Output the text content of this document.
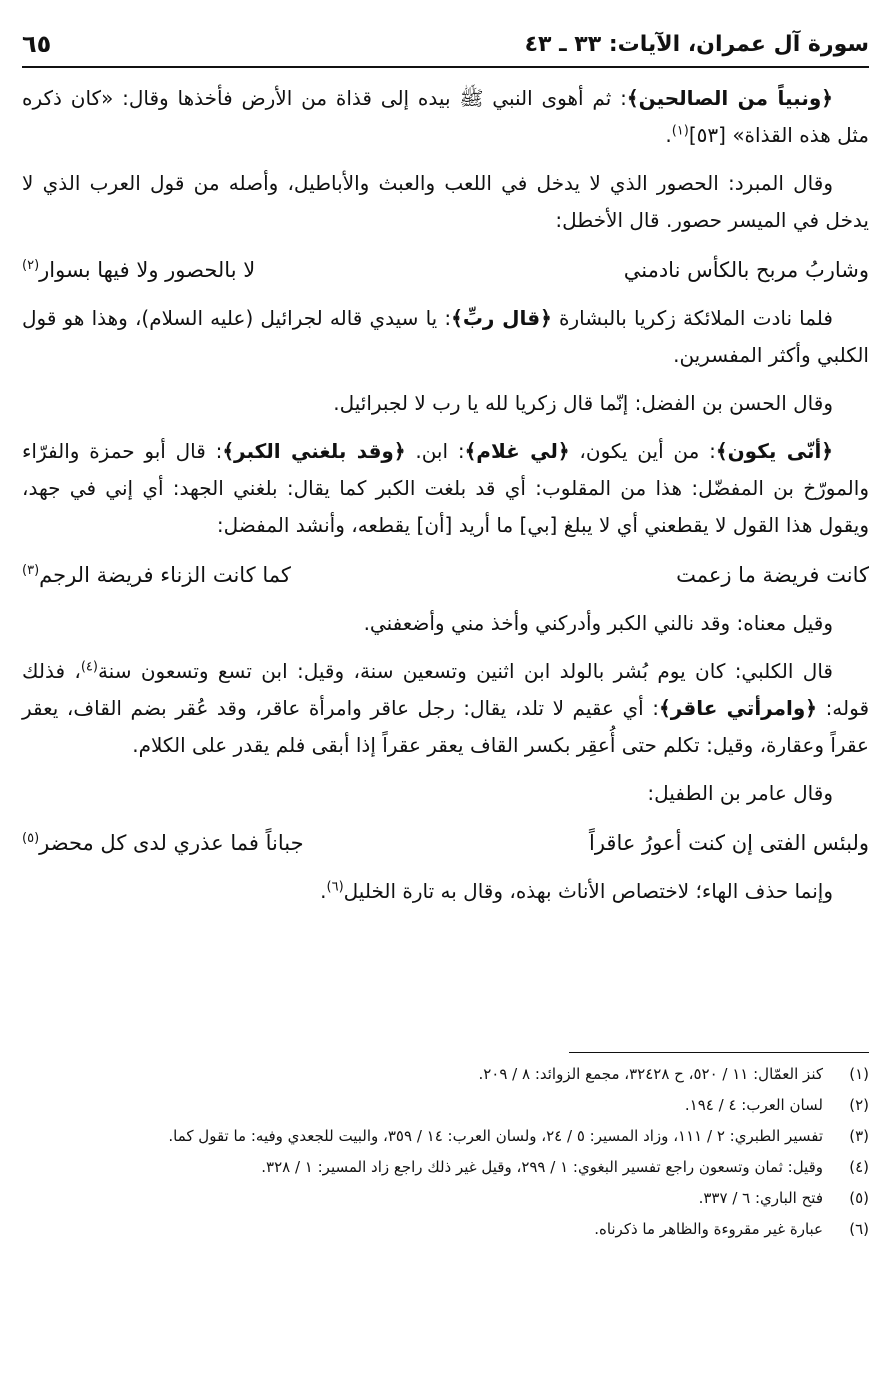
سورة آل عمران، الآيات: ٣٣ ـ ٤٣
٦٥

﴿ونبياً من الصالحين﴾: ثم أهوى النبي ﷺ بيده إلى قذاة من الأرض فأخذها وقال: «كان ذكره مثل هذه القذاة» [٥٣]$^{(١)}$.

وقال المبرد: الحصور الذي لا يدخل في اللعب والعبث والأباطيل، وأصله من قول العرب الذي لا يدخل في الميسر حصور. قال الأخطل:

وشاربُ مربح بالكأس نادمني
لا بالحصور ولا فيها بسوار$^{(٢)}$

فلما نادت الملائكة زكريا بالبشارة ﴿قال ربِّ﴾: يا سيدي قاله لجرائيل (عليه السلام)، وهذا هو قول الكلبي وأكثر المفسرين.

وقال الحسن بن الفضل: إنّما قال زكريا لله يا رب لا لجبرائيل.

﴿أنّى يكون﴾: من أين يكون، ﴿لي غلام﴾: ابن. ﴿وقد بلغني الكبر﴾: قال أبو حمزة والفرّاء والمورّخ بن المفضّل: هذا من المقلوب: أي قد بلغت الكبر كما يقال: بلغني الجهد: أي إني في جهد، ويقول هذا القول لا يقطعني أي لا يبلغ [بي] ما أريد [أن] يقطعه، وأنشد المفضل:

كانت فريضة ما زعمت
كما كانت الزناء فريضة الرجم$^{(٣)}$

وقيل معناه: وقد نالني الكبر وأدركني وأخذ مني وأضعفني.

قال الكلبي: كان يوم بُشر بالولد ابن اثنين وتسعين سنة، وقيل: ابن تسع وتسعون سنة$^{(٤)}$، فذلك قوله: ﴿وامرأتي عاقر﴾: أي عقيم لا تلد، يقال: رجل عاقر وامرأة عاقر، وقد عُقر بضم القاف، يعقر عقراً وعقارة، وقيل: تكلم حتى أُعقِر بكسر القاف يعقر عقراً إذا أبقى فلم يقدر على الكلام.

وقال عامر بن الطفيل:

ولبئس الفتى إن كنت أعورُ عاقراً
جباناً فما عذري لدى كل محضر$^{(٥)}$

وإنما حذف الهاء؛ لاختصاص الأناث بهذه، وقال به تارة الخليل$^{(٦)}$.

(١)
كنز العمّال: ١١ / ٥٢٠، ح ٣٢٤٢٨، مجمع الزوائد: ٨ / ٢٠٩.
(٢)
لسان العرب: ٤ / ١٩٤.
(٣)
تفسير الطبري: ٢ / ١١١، وزاد المسير: ٥ / ٢٤، ولسان العرب: ١٤ / ٣٥٩، والبيت للجعدي وفيه: ما تقول كما.
(٤)
وقيل: ثمان وتسعون راجع تفسير البغوي: ١ / ٢٩٩، وقيل غير ذلك راجع زاد المسير: ١ / ٣٢٨.
(٥)
فتح الباري: ٦ / ٣٣٧.
(٦)
عبارة غير مقروءة والظاهر ما ذكرناه.
